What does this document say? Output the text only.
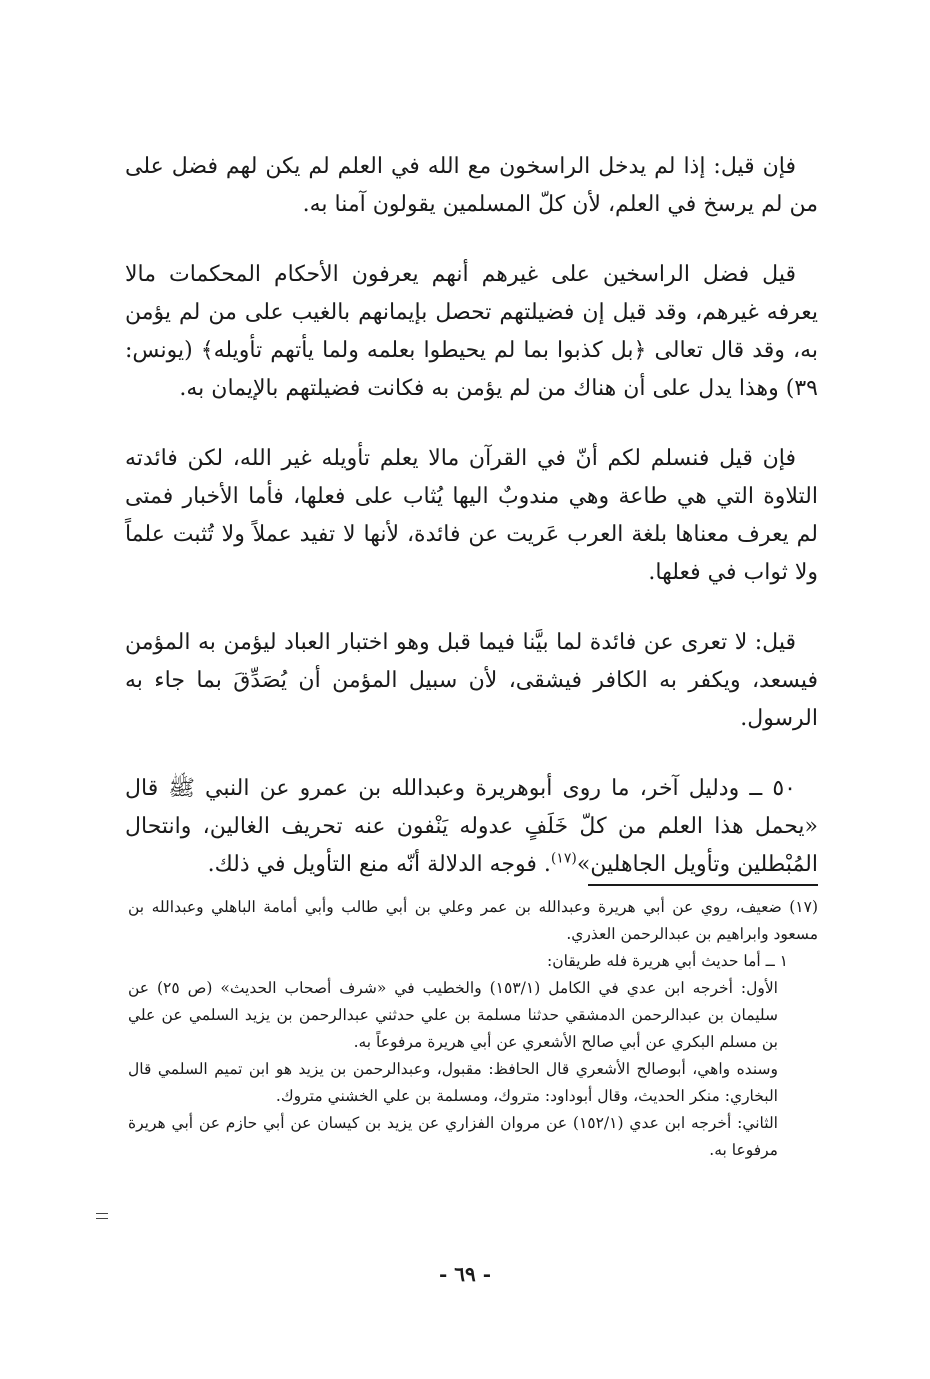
فإن قيل: إذا لم يدخل الراسخون مع الله في العلم لم يكن لهم فضل على من لم يرسخ في العلم، لأن كلّ المسلمين يقولون آمنا به.

قيل فضل الراسخين على غيرهم أنهم يعرفون الأحكام المحكمات مالا يعرفه غيرهم، وقد قيل إن فضيلتهم تحصل بإيمانهم بالغيب على من لم يؤمن به، وقد قال تعالى ﴿بل كذبوا بما لم يحيطوا بعلمه ولما يأتهم تأويله﴾ (يونس: ٣٩) وهذا يدل على أن هناك من لم يؤمن به فكانت فضيلتهم بالإيمان به.

فإن قيل فنسلم لكم أنّ في القرآن مالا يعلم تأويله غير الله، لكن فائدته التلاوة التي هي طاعة وهي مندوبٌ اليها يُثاب على فعلها، فأما الأخبار فمتى لم يعرف معناها بلغة العرب عَريت عن فائدة، لأنها لا تفيد عملاً ولا تُثبت علماً ولا ثواب في فعلها.

قيل: لا تعرى عن فائدة لما بيَّنا فيما قبل وهو اختبار العباد ليؤمن به المؤمن فيسعد، ويكفر به الكافر فيشقى، لأن سبيل المؤمن أن يُصَدِّقَ بما جاء به الرسول.

٥٠ ــ ودليل آخر، ما روى أبوهريرة وعبدالله بن عمرو عن النبي ﷺ قال «يحمل هذا العلم من كلّ خَلَفٍ عدوله يَنْفون عنه تحريف الغالين، وانتحال المُبْطلين وتأويل الجاهلين»$^{(١٧)}$. فوجه الدلالة أنّه منع التأويل في ذلك.

(١٧) ضعيف، روي عن أبي هريرة وعبدالله بن عمر وعلي بن أبي طالب وأبي أمامة الباهلي وعبدالله بن مسعود وابراهيم بن عبدالرحمن العذري.

١ ــ أما حديث أبي هريرة فله طريقان:

الأول: أخرجه ابن عدي في الكامل (١٥٣/١) والخطيب في «شرف أصحاب الحديث» (ص ٢٥) عن سليمان بن عبدالرحمن الدمشقي حدثنا مسلمة بن علي حدثني عبدالرحمن بن يزيد السلمي عن علي بن مسلم البكري عن أبي صالح الأشعري عن أبي هريرة مرفوعاً به.

وسنده واهي، أبوصالح الأشعري قال الحافظ: مقبول، وعبدالرحمن بن يزيد هو ابن تميم السلمي قال البخاري: منكر الحديث، وقال أبوداود: متروك، ومسلمة بن علي الخشني متروك.

الثاني: أخرجه ابن عدي (١٥٢/١) عن مروان الفزاري عن يزيد بن كيسان عن أبي حازم عن أبي هريرة مرفوعا به.

- ٦٩ -
